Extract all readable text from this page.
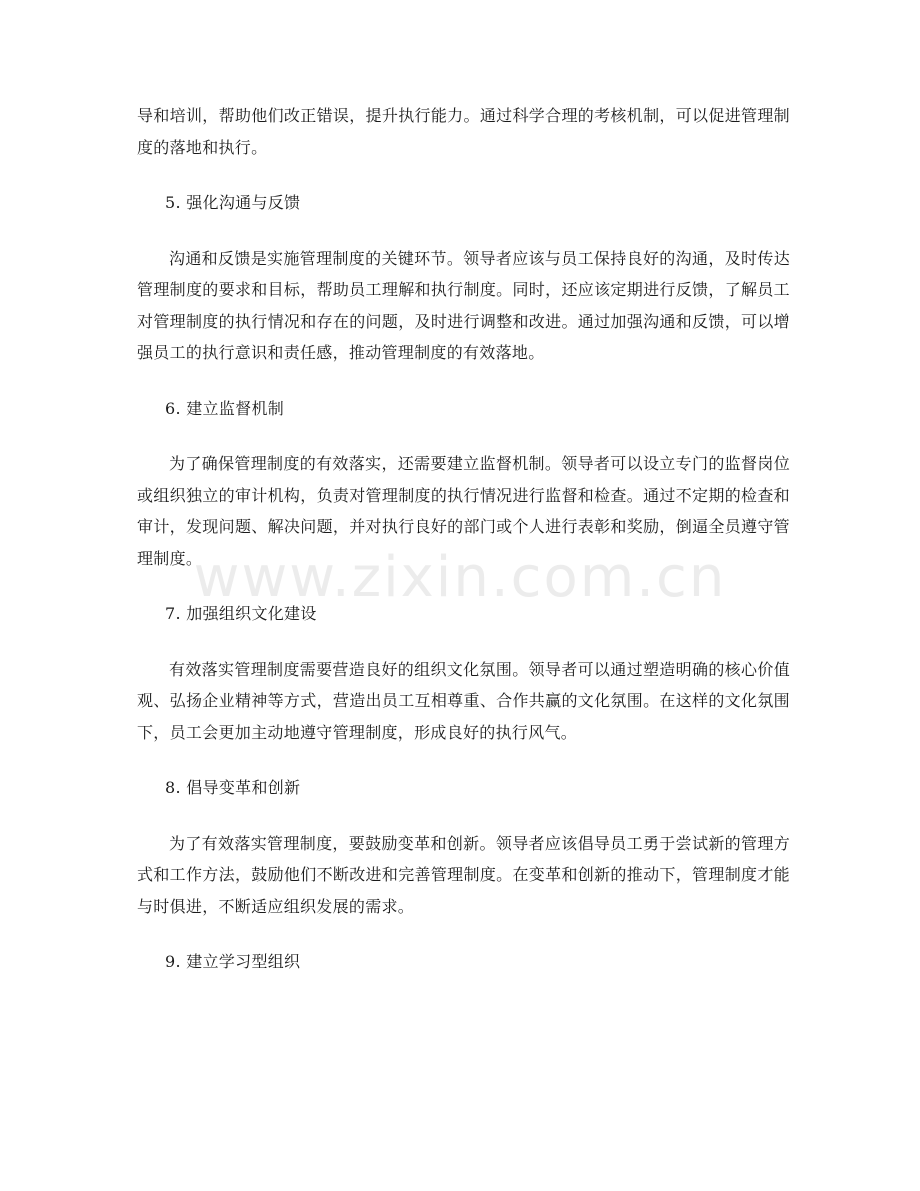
www.zixin.com.cn

导和培训，帮助他们改正错误，提升执行能力。通过科学合理的考核机制，可以促进管理制度的落地和执行。

5. 强化沟通与反馈

沟通和反馈是实施管理制度的关键环节。领导者应该与员工保持良好的沟通，及时传达管理制度的要求和目标，帮助员工理解和执行制度。同时，还应该定期进行反馈，了解员工对管理制度的执行情况和存在的问题，及时进行调整和改进。通过加强沟通和反馈，可以增强员工的执行意识和责任感，推动管理制度的有效落地。

6. 建立监督机制

为了确保管理制度的有效落实，还需要建立监督机制。领导者可以设立专门的监督岗位或组织独立的审计机构，负责对管理制度的执行情况进行监督和检查。通过不定期的检查和审计，发现问题、解决问题，并对执行良好的部门或个人进行表彰和奖励，倒逼全员遵守管理制度。

7. 加强组织文化建设

有效落实管理制度需要营造良好的组织文化氛围。领导者可以通过塑造明确的核心价值观、弘扬企业精神等方式，营造出员工互相尊重、合作共赢的文化氛围。在这样的文化氛围下，员工会更加主动地遵守管理制度，形成良好的执行风气。

8. 倡导变革和创新

为了有效落实管理制度，要鼓励变革和创新。领导者应该倡导员工勇于尝试新的管理方式和工作方法，鼓励他们不断改进和完善管理制度。在变革和创新的推动下，管理制度才能与时俱进，不断适应组织发展的需求。

9. 建立学习型组织
